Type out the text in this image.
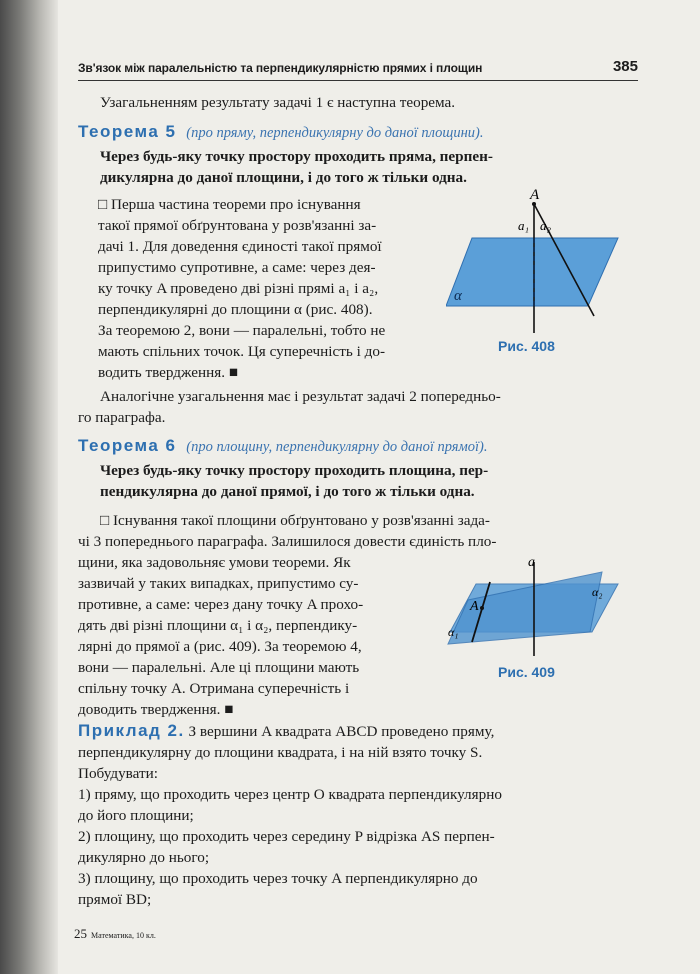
Зв'язок між паралельністю та перпендикулярністю прямих і площин	385
Узагальненням результату задачі 1 є наступна теорема.
Теорема 5 (про пряму, перпендикулярну до даної площини).
Через будь-яку точку простору проходить пряма, перпен-
дикулярна до даної площини, і до того ж тільки одна.
□ Перша частина теореми про існування
такої прямої обґрунтована у розв'язанні за-
дачі 1. Для доведення єдиності такої прямої
припустимо супротивне, а саме: через дея-
ку точку A проведено дві різні прямі a₁ і a₂,
перпендикулярні до площини α (рис. 408).
За теоремою 2, вони — паралельні, тобто не
мають спільних точок. Ця суперечність і до-
водить твердження. ■
A
a₁ a₂
α
Рис. 408
Аналогічне узагальнення має і результат задачі 2 попередньо-
го параграфа.
Теорема 6 (про площину, перпендикулярну до даної прямої).
Через будь-яку точку простору проходить площина, пер-
пендикулярна до даної прямої, і до того ж тільки одна.
□ Існування такої площини обґрунтовано у розв'язанні зада-
чі 3 попереднього параграфа. Залишилося довести єдиність пло-
щини, яка задовольняє умови теореми. Як
зазвичай у таких випадках, припустимо су-
противне, а саме: через дану точку A прохо-
дять дві різні площини α₁ і α₂, перпендику-
лярні до прямої a (рис. 409). За теоремою 4,
вони — паралельні. Але ці площини мають
спільну точку A. Отримана суперечність і
доводить твердження. ■
a
A
α₁
α₂
Рис. 409
Приклад 2. З вершини A квадрата ABCD проведено пряму,
перпендикулярну до площини квадрата, і на ній взято точку S.
Побудувати:
1) пряму, що проходить через центр O квадрата перпендикулярно
до його площини;
2) площину, що проходить через середину P відрізка AS перпен-
дикулярно до нього;
3) площину, що проходить через точку A перпендикулярно до
прямої BD;
25 Математика, 10 кл.
